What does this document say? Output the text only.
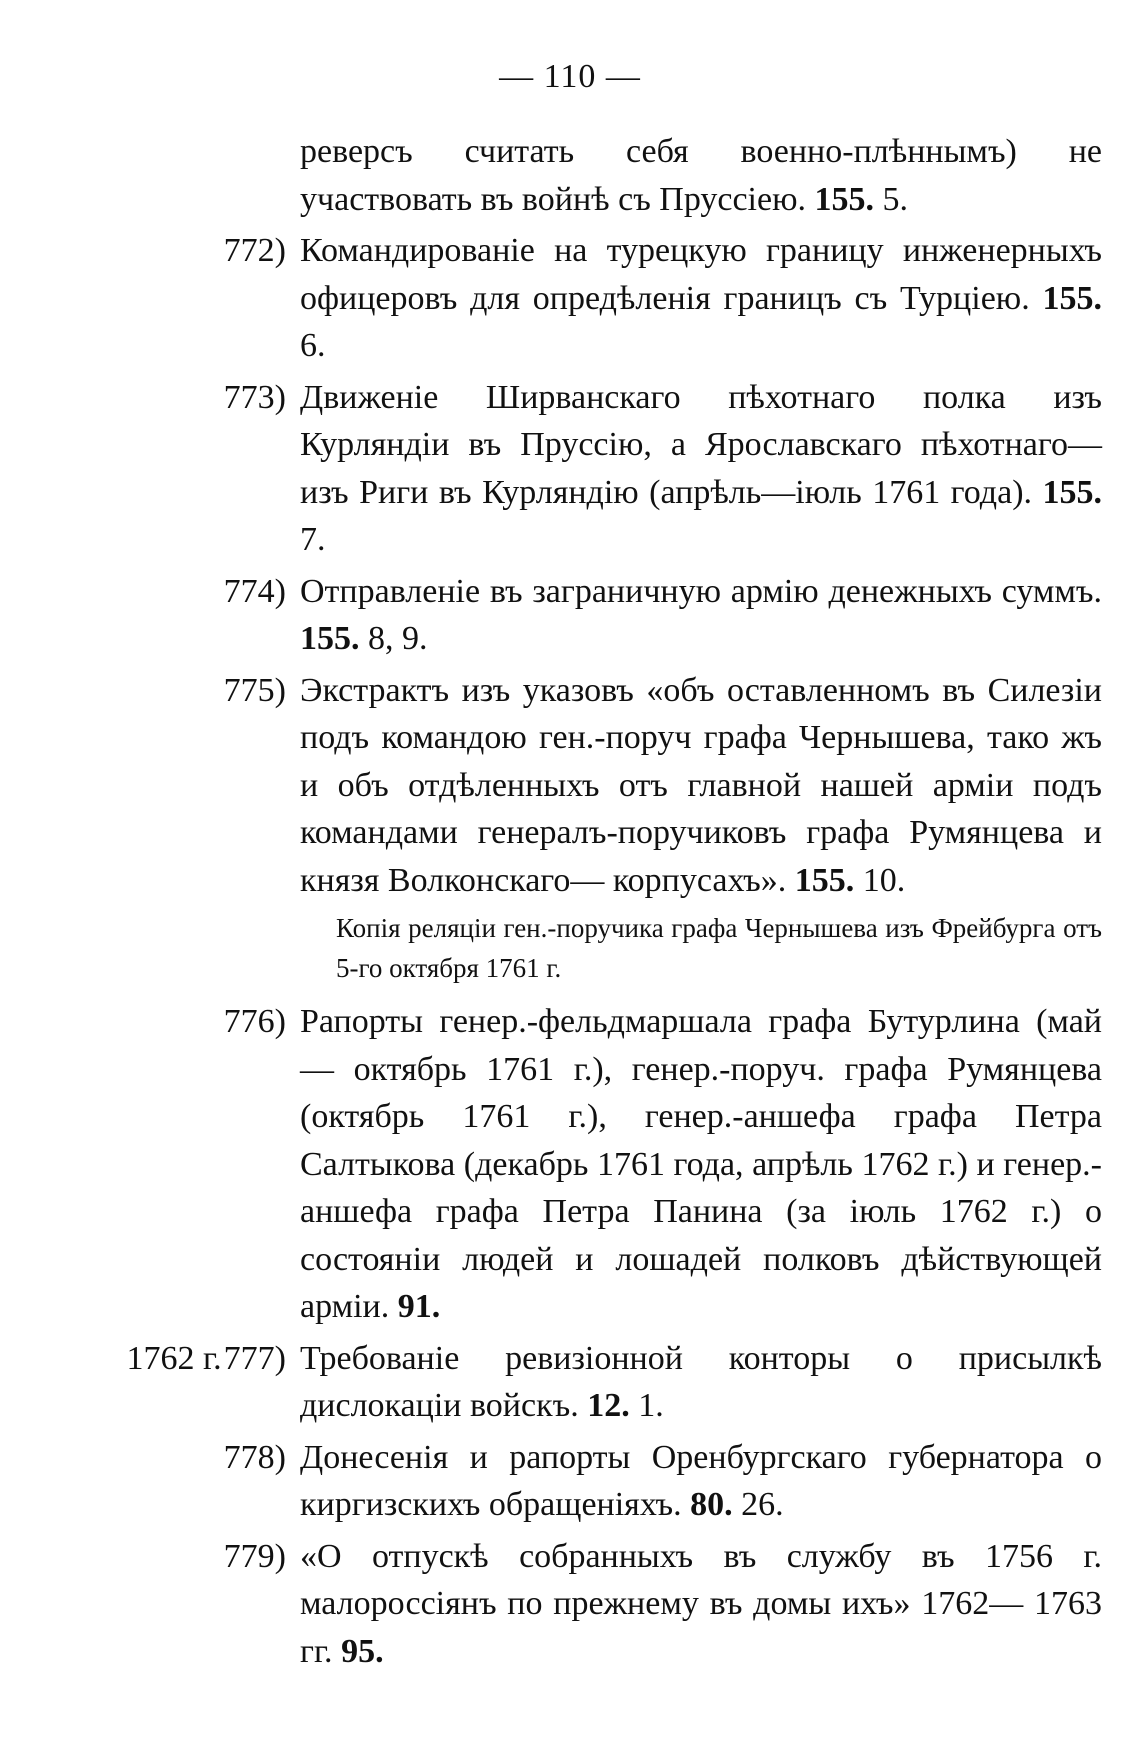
— 110 —
реверсъ считать себя военно-плѣннымъ) не участвовать въ войнѣ съ Пруссіею. 155. 5.
772) Командированіе на турецкую границу инженерныхъ офицеровъ для опредѣленія границъ съ Турціею. 155. 6.
773) Движеніе Ширванскаго пѣхотнаго полка изъ Курляндіи въ Пруссію, а Ярославскаго пѣхотнаго— изъ Риги въ Курляндію (апрѣль—іюль 1761 года). 155. 7.
774) Отправленіе въ заграничную армію денежныхъ суммъ. 155. 8, 9.
775) Экстрактъ изъ указовъ «объ оставленномъ въ Силезіи подъ командою ген.-поруч графа Чернышева, тако жъ и объ отдѣленныхъ отъ главной нашей арміи подъ командами генералъ-поручиковъ графа Румянцева и князя Волконскаго— корпусахъ». 155. 10.
Копія реляціи ген.-поручика графа Чернышева изъ Фрейбурга отъ 5-го октября 1761 г.
776) Рапорты генер.-фельдмаршала графа Бутурлина (май — октябрь 1761 г.), генер.-поруч. графа Румянцева (октябрь 1761 г.), генер.-аншефа графа Петра Салтыкова (декабрь 1761 года, апрѣль 1762 г.) и генер.-аншефа графа Петра Панина (за іюль 1762 г.) о состояніи людей и лошадей полковъ дѣйствующей арміи. 91.
1762 г.777) Требованіе ревизіонной конторы о присылкѣ дислокаціи войскъ. 12. 1.
778) Донесенія и рапорты Оренбургскаго губернатора о киргизскихъ обращеніяхъ. 80. 26.
779) «О отпускѣ собранныхъ въ службу въ 1756 г. малороссіянъ по прежнему въ домы ихъ» 1762— 1763 гг. 95.
